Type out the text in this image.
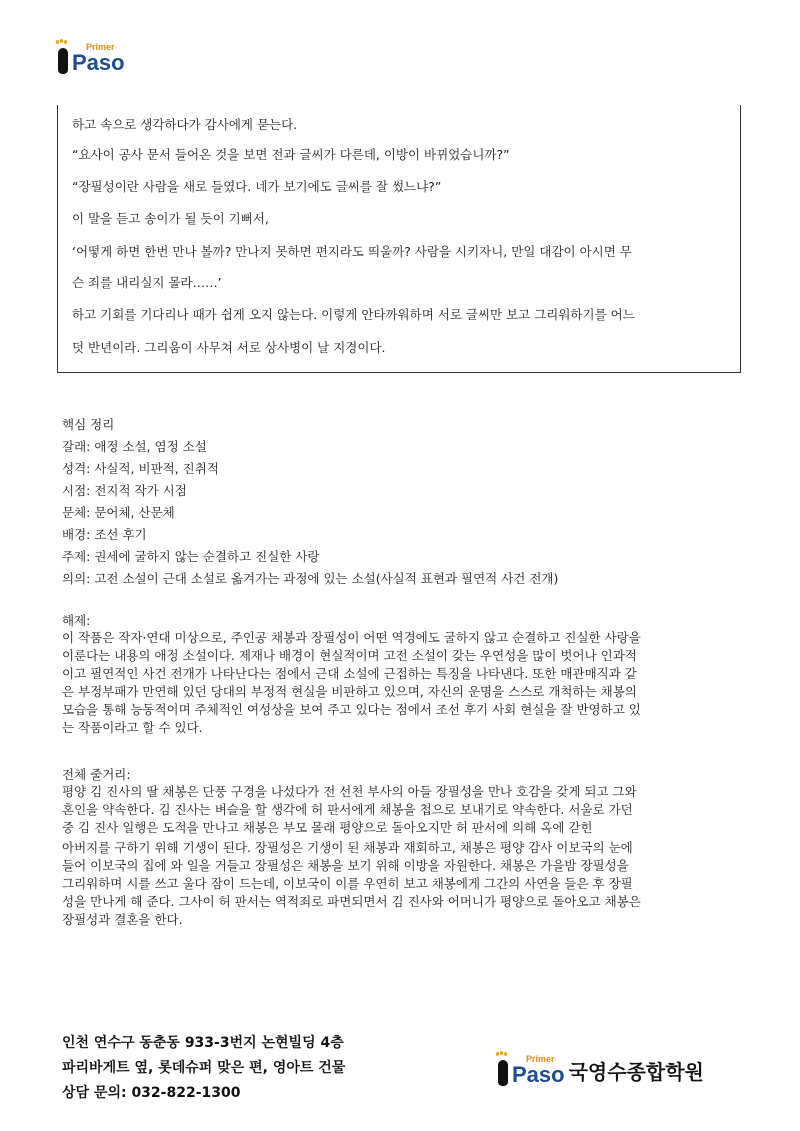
Primer
Paso
하고 속으로 생각하다가 감사에게 묻는다.
“요사이 공사 문서 들어온 것을 보면 전과 글씨가 다른데, 이방이 바뀌었습니까?”
“장필성이란 사람을 새로 들였다. 네가 보기에도 글씨를 잘 썼느냐?”
이 말을 듣고 송이가 될 듯이 기뻐서,
‘어떻게 하면 한번 만나 볼까? 만나지 못하면 편지라도 띄울까? 사람을 시키자니, 만일 대감이 아시면 무
슨 죄를 내리실지 몰라……’
하고 기회를 기다리나 때가 쉽게 오지 않는다. 이렇게 안타까워하며 서로 글씨만 보고 그리워하기를 어느
덧 반년이라. 그리움이 사무쳐 서로 상사병이 날 지경이다.
핵심 정리
갈래: 애정 소설, 염정 소설
성격: 사실적, 비판적, 진취적
시점: 전지적 작가 시점
문체: 문어체, 산문체
배경: 조선 후기
주제: 권세에 굴하지 않는 순결하고 진실한 사랑
의의: 고전 소설이 근대 소설로 옮겨가는 과정에 있는 소설(사실적 표현과 필연적 사건 전개)
해제:
이 작품은 작자·연대 미상으로, 주인공 채봉과 장필성이 어떤 역경에도 굴하지 않고 순결하고 진실한 사랑을
이룬다는 내용의 애정 소설이다. 제재나 배경이 현실적이며 고전 소설이 갖는 우연성을 많이 벗어나 인과적
이고 필연적인 사건 전개가 나타난다는 점에서 근대 소설에 근접하는 특징을 나타낸다. 또한 매관매직과 같
은 부정부패가 만연해 있던 당대의 부정적 현실을 비판하고 있으며, 자신의 운명을 스스로 개척하는 채봉의
모습을 통해 능동적이며 주체적인 여성상을 보여 주고 있다는 점에서 조선 후기 사회 현실을 잘 반영하고 있
는 작품이라고 할 수 있다.
전체 줄거리:
평양 김 진사의 딸 채봉은 단풍 구경을 나섰다가 전 선천 부사의 아들 장필성을 만나 호감을 갖게 되고 그와
혼인을 약속한다. 김 진사는 벼슬을 할 생각에 허 판서에게 채봉을 첩으로 보내기로 약속한다. 서울로 가던
중 김 진사 일행은 도적을 만나고 채봉은 부모 몰래 평양으로 돌아오지만 허 판서에 의해 옥에 갇힌
아버지를 구하기 위해 기생이 된다. 장필성은 기생이 된 채봉과 재회하고, 채봉은 평양 감사 이보국의 눈에
들어 이보국의 집에 와 일을 거들고 장필성은 채봉을 보기 위해 이방을 자원한다. 채봉은 가을밤 장필성을
그리워하며 시를 쓰고 울다 잠이 드는데, 이보국이 이를 우연히 보고 채봉에게 그간의 사연을 들은 후 장필
성을 만나게 해 준다. 그사이 허 판서는 역적죄로 파면되면서 김 진사와 어머니가 평양으로 돌아오고 채봉은
장필성과 결혼을 한다.
인천 연수구 동춘동 933-3번지 논현빌딩 4층
파리바게트 옆, 롯데슈퍼 맞은 편, 영아트 건물
상담 문의: 032-822-1300
Primer
Paso 국영수종합학원
